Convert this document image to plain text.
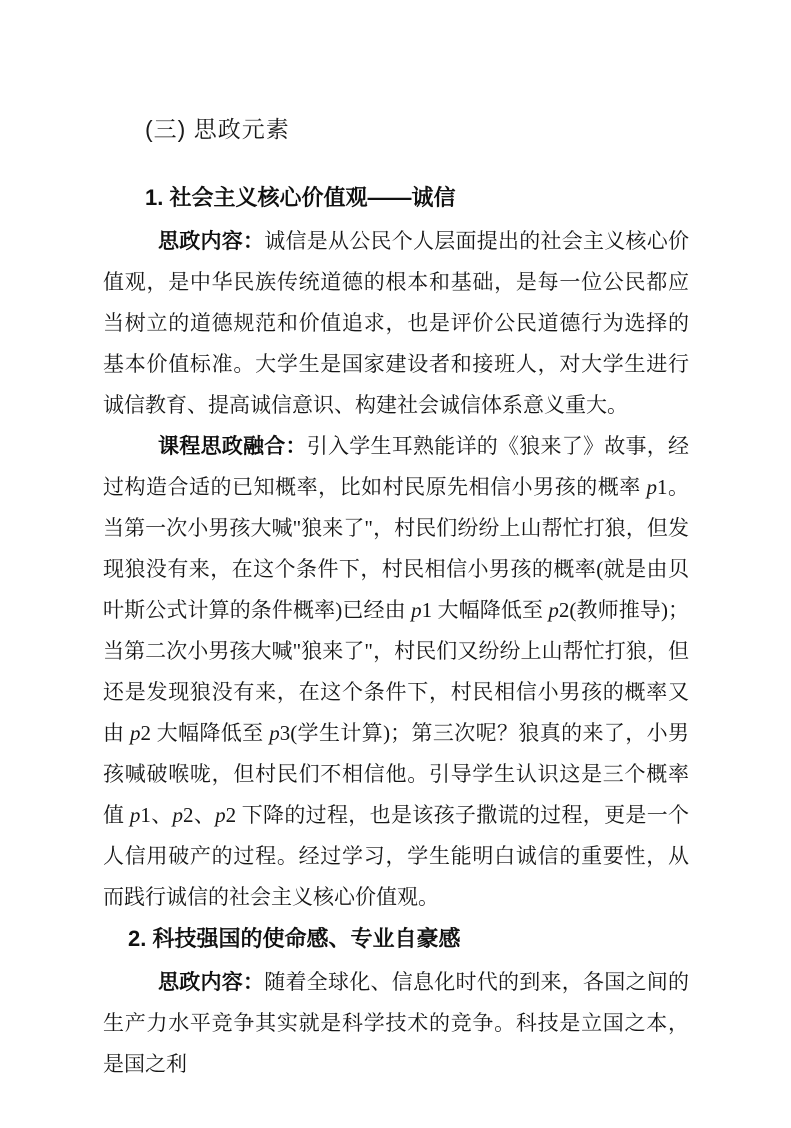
(三) 思政元素
1. 社会主义核心价值观——诚信

思政内容：诚信是从公民个人层面提出的社会主义核心价值观，是中华民族传统道德的根本和基础，是每一位公民都应当树立的道德规范和价值追求，也是评价公民道德行为选择的基本价值标准。大学生是国家建设者和接班人，对大学生进行诚信教育、提高诚信意识、构建社会诚信体系意义重大。

课程思政融合：引入学生耳熟能详的《狼来了》故事，经过构造合适的已知概率，比如村民原先相信小男孩的概率 p1。当第一次小男孩大喊"狼来了"，村民们纷纷上山帮忙打狼，但发现狼没有来，在这个条件下，村民相信小男孩的概率(就是由贝叶斯公式计算的条件概率)已经由 p1 大幅降低至 p2(教师推导)；当第二次小男孩大喊"狼来了"，村民们又纷纷上山帮忙打狼，但还是发现狼没有来，在这个条件下，村民相信小男孩的概率又由 p2 大幅降低至 p3(学生计算)；第三次呢？狼真的来了，小男孩喊破喉咙，但村民们不相信他。引导学生认识这是三个概率值 p1、p2、p2 下降的过程，也是该孩子撒谎的过程，更是一个人信用破产的过程。经过学习，学生能明白诚信的重要性，从而践行诚信的社会主义核心价值观。

2. 科技强国的使命感、专业自豪感

思政内容：随着全球化、信息化时代的到来，各国之间的生产力水平竞争其实就是科学技术的竞争。科技是立国之本，是国之利
